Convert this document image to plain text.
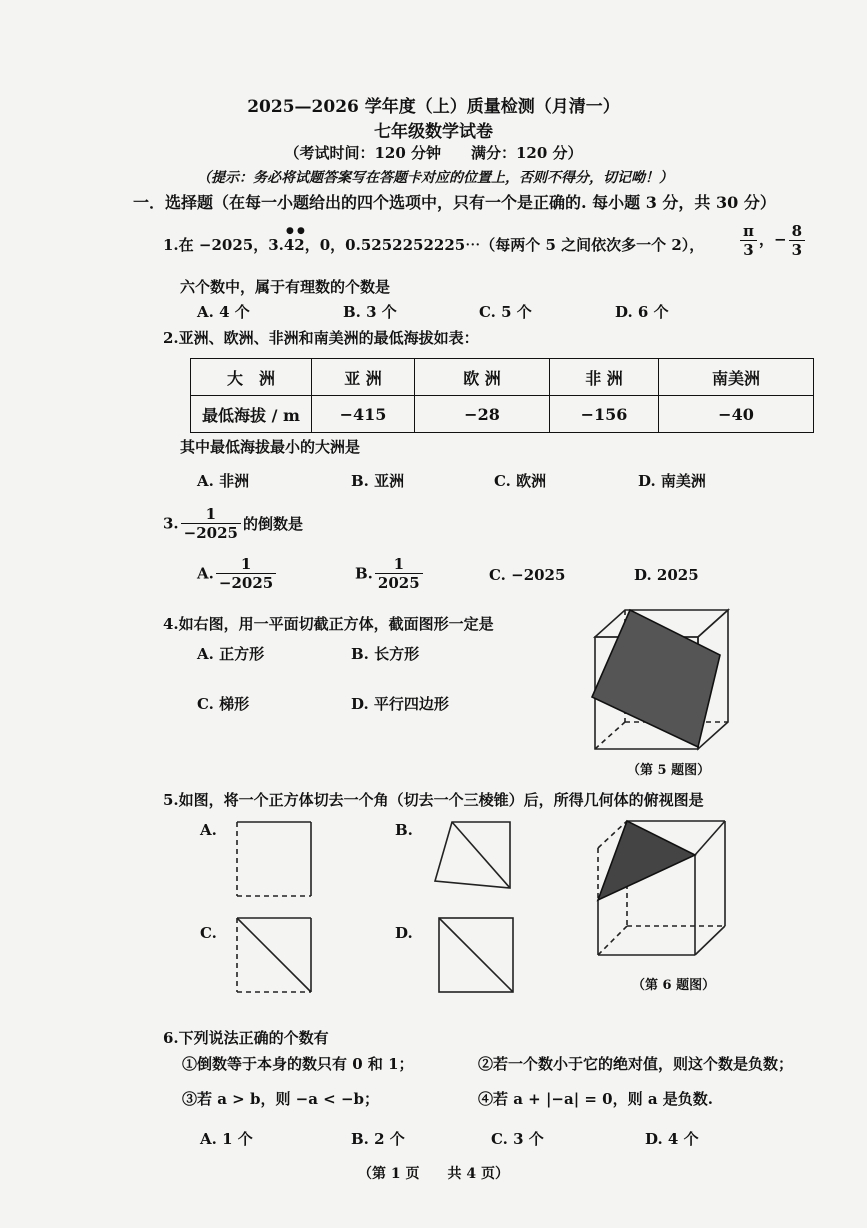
2025—2026 学年度（上）质量检测（月清一）
七年级数学试卷
（考试时间：120 分钟　　满分：120 分）
（提示：务必将试题答案写在答题卡对应的位置上，否则不得分，切记呦！）
一．选择题（在每一小题给出的四个选项中，只有一个是正确的. 每小题 3 分，共 30 分）
1.在 −2025，3.42，0，0.5252252225⋯（每两个 5 之间依次多一个 2），
● ●	$\frac{\pi}{3}$ ，− $\frac{8}{3}$
六个数中，属于有理数的个数是
A. 4 个	B. 3 个	C. 5 个	D. 6 个
2.亚洲、欧洲、非洲和南美洲的最低海拔如表：
大　洲	亚 洲	欧 洲	非 洲	南美洲
最低海拔 / m	−415	−28	−156	−40
其中最低海拔最小的大洲是
A. 非洲	B. 亚洲	C. 欧洲	D. 南美洲
3. $\frac{1}{-2025}$ 的倒数是
A. $\frac{1}{-2025}$	B. $\frac{1}{2025}$	C. −2025	D. 2025
4.如右图，用一平面切截正方体，截面图形一定是
A. 正方形	B. 长方形
C. 梯形	D. 平行四边形
（第 5 题图）
5.如图，将一个正方体切去一个角（切去一个三棱锥）后，所得几何体的俯视图是
A.	B.
C.	D.
（第 6 题图）
6.下列说法正确的个数有
①倒数等于本身的数只有 0 和 1；	②若一个数小于它的绝对值，则这个数是负数；
③若 a > b，则 −a < −b；	④若 a + |−a| = 0，则 a 是负数.
A. 1 个	B. 2 个	C. 3 个	D. 4 个
（第 1 页　　共 4 页）
